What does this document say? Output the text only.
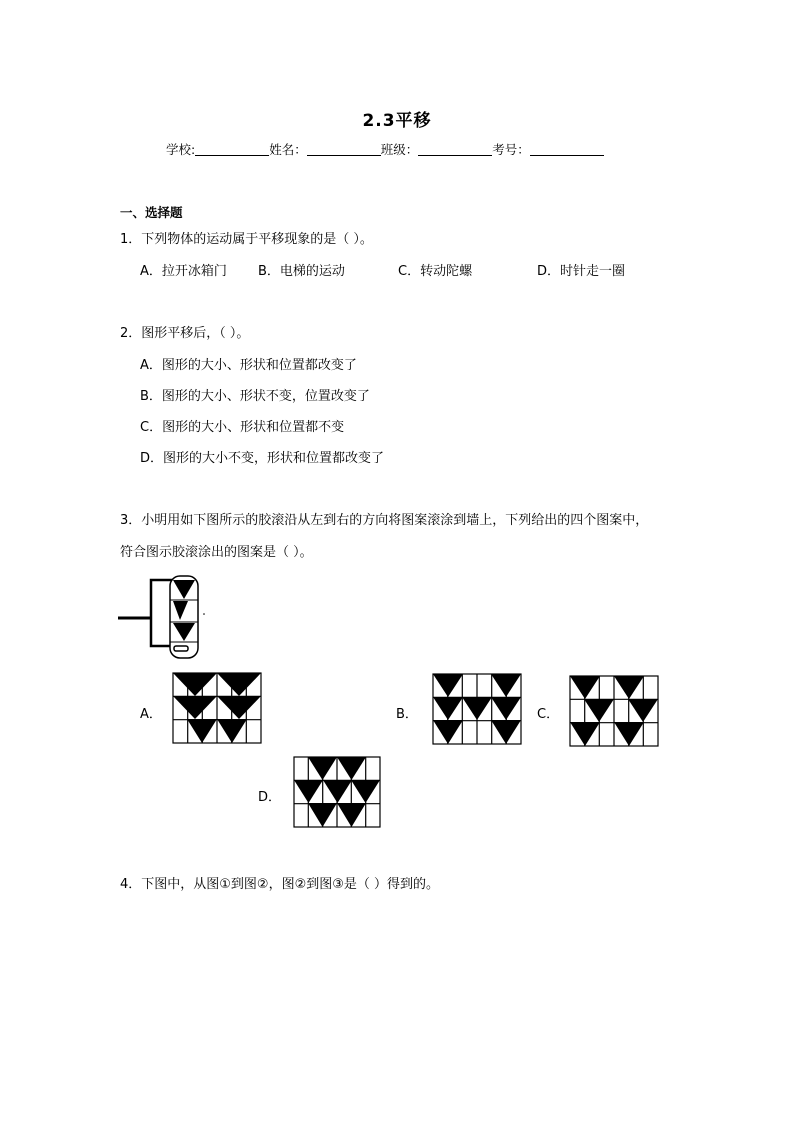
2.3平移
学校:	姓名：	班级：	考号：
一、选择题
1．下列物体的运动属于平移现象的是（ ）。
A．拉开冰箱门 B．电梯的运动	C．转动陀螺	D．时针走一圈
2．图形平移后，（ ）。
A．图形的大小、形状和位置都改变了
B．图形的大小、形状不变，位置改变了
C．图形的大小、形状和位置都不变
D．图形的大小不变，形状和位置都改变了
3．小明用如下图所示的胶滚沿从左到右的方向将图案滚涂到墙上，下列给出的四个图案中，
符合图示胶滚涂出的图案是（ ）。
A．	B．	C．
D．
4．下图中，从图①到图②，图②到图③是（ ）得到的。
